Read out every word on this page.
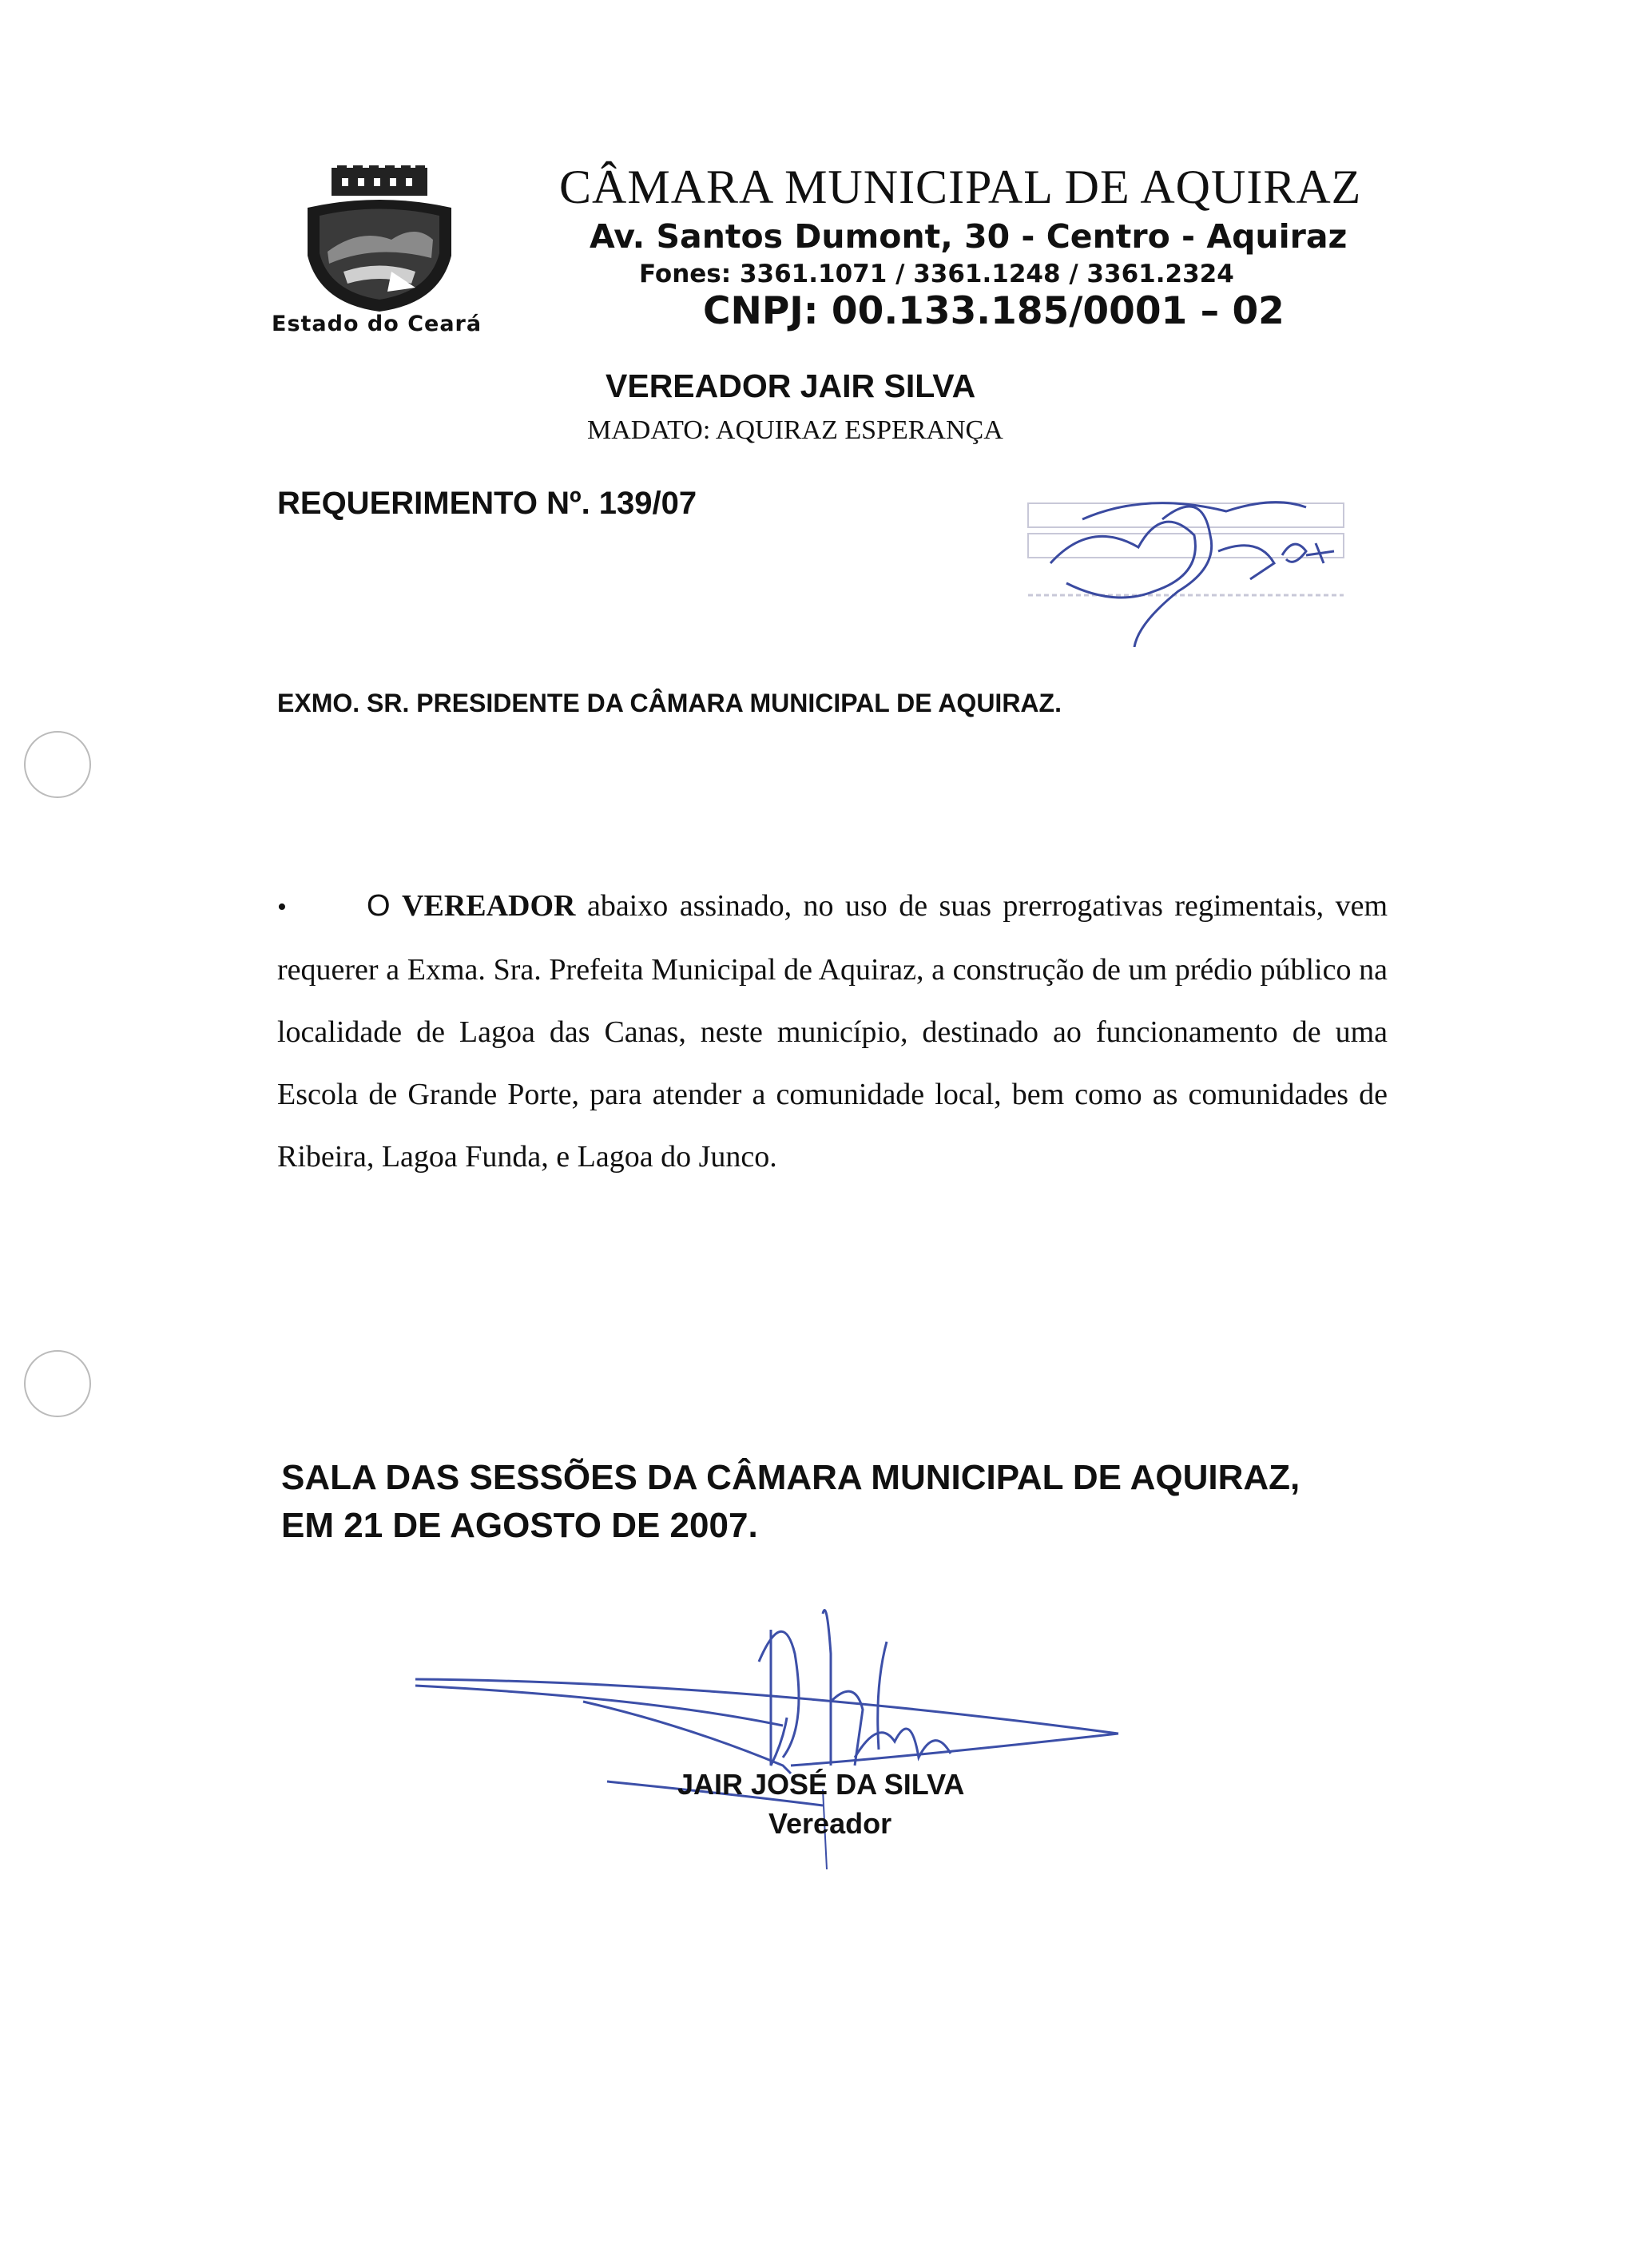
Estado do Ceará
CÂMARA MUNICIPAL DE AQUIRAZ
Av. Santos Dumont, 30 - Centro - Aquiraz
Fones: 3361.1071 / 3361.1248 / 3361.2324
CNPJ: 00.133.185/0001 – 02
VEREADOR JAIR SILVA
MADATO: AQUIRAZ ESPERANÇA
REQUERIMENTO Nº. 139/07
EXMO. SR. PRESIDENTE DA CÂMARA MUNICIPAL DE AQUIRAZ.
•	O VEREADOR abaixo assinado, no uso de suas prerrogativas regimentais, vem requerer a Exma. Sra. Prefeita Municipal de Aquiraz, a construção de um prédio público na localidade de Lagoa das Canas, neste município, destinado ao funcionamento de uma Escola de Grande Porte, para atender a comunidade local, bem como as comunidades de Ribeira, Lagoa Funda, e Lagoa do Junco.
SALA DAS SESSÕES DA CÂMARA MUNICIPAL DE AQUIRAZ,
EM 21 DE AGOSTO DE 2007.
JAIR JOSÉ DA SILVA
Vereador
